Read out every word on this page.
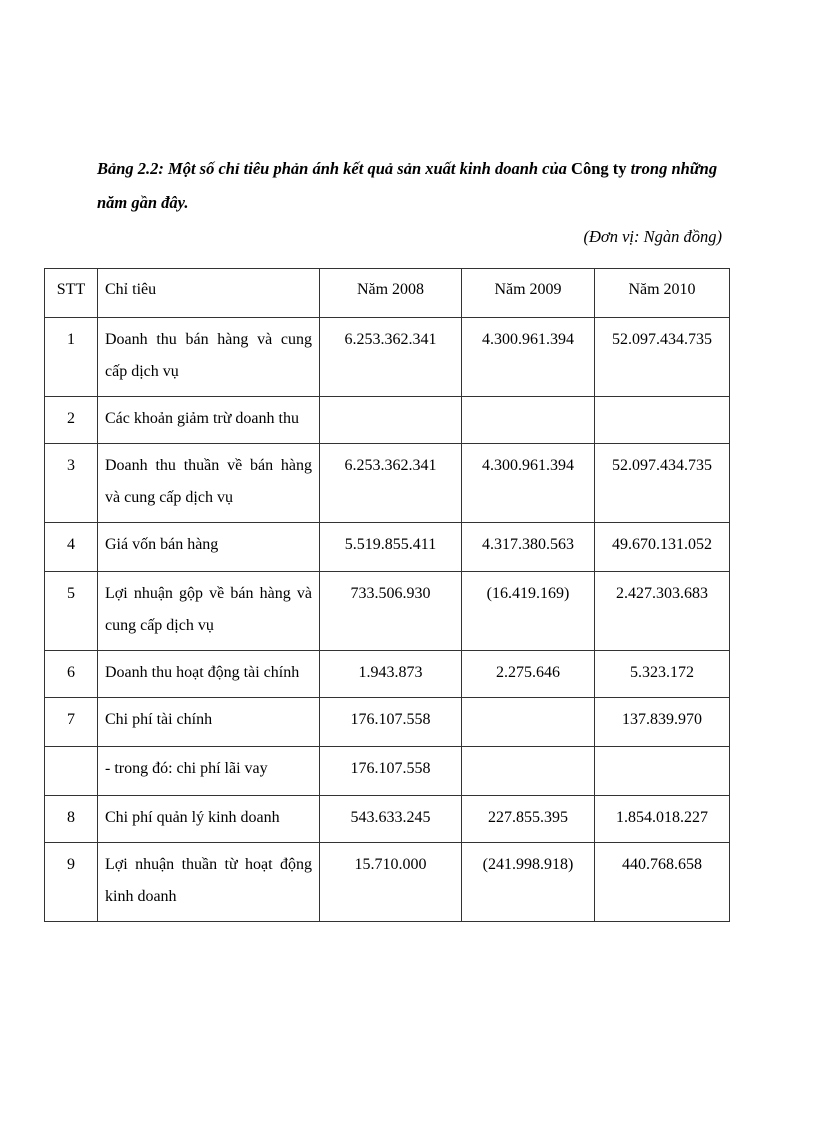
Bảng 2.2: Một số chỉ tiêu phản ánh kết quả sản xuất kinh doanh của Công ty trong những năm gần đây.
(Đơn vị: Ngàn đồng)
STT	Chỉ tiêu	Năm 2008	Năm 2009	Năm 2010
1	Doanh thu bán hàng và cung cấp dịch vụ	6.253.362.341	4.300.961.394	52.097.434.735
2	Các khoản giảm trừ doanh thu			
3	Doanh thu thuần về bán hàng và cung cấp dịch vụ	6.253.362.341	4.300.961.394	52.097.434.735
4	Giá vốn bán hàng	5.519.855.411	4.317.380.563	49.670.131.052
5	Lợi nhuận gộp về bán hàng và cung cấp dịch vụ	733.506.930	(16.419.169)	2.427.303.683
6	Doanh thu hoạt động tài chính	1.943.873	2.275.646	5.323.172
7	Chi phí tài chính	176.107.558		137.839.970
	- trong đó: chi phí lãi vay	176.107.558		
8	Chi phí quản lý kinh doanh	543.633.245	227.855.395	1.854.018.227
9	Lợi nhuận thuần từ hoạt động kinh doanh	15.710.000	(241.998.918)	440.768.658
